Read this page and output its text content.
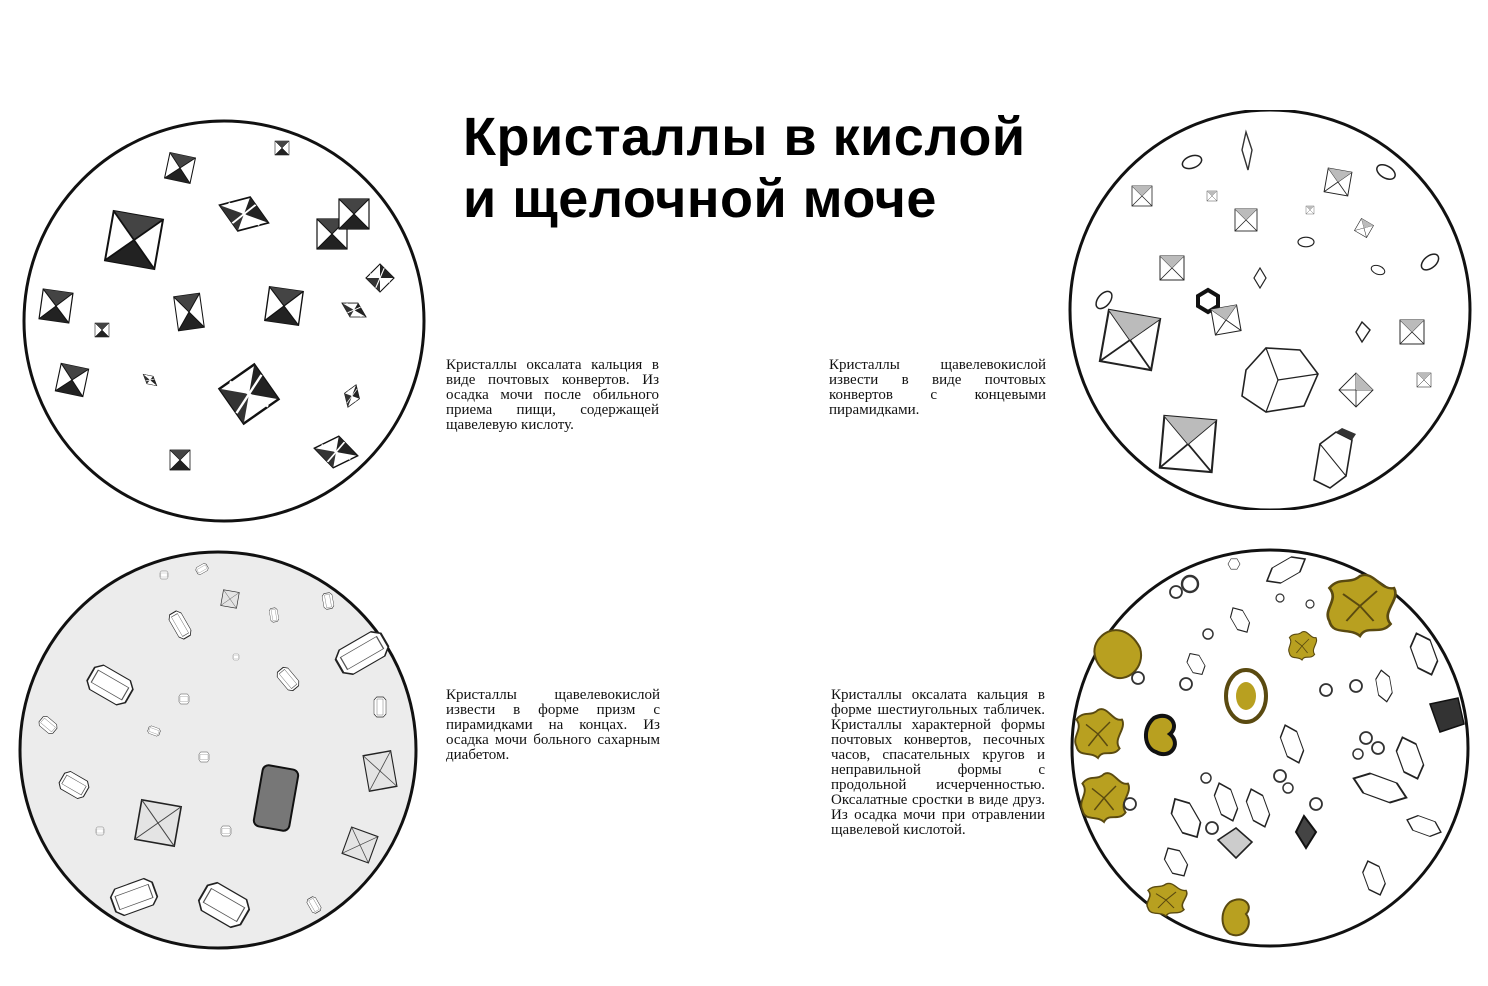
Кристаллы в кислой
и щелочной моче
Кристаллы оксалата кальция в виде почтовых конвертов. Из осадка мочи после обильного приема пищи, содержащей щавелевую кислоту.
Кристаллы щавелевокислой извести в виде почтовых конвертов с концевыми пирамидками.
Кристаллы щавелевокислой извести в форме призм с пирамидками на концах. Из осадка мочи больного сахарным диабетом.
Кристаллы оксалата кальция в форме шестиугольных табличек. Кристаллы характерной формы почтовых конвертов, песочных часов, спасательных кругов и неправильной формы с продольной исчерченностью. Оксалатные сростки в виде друз. Из осадка мочи при отравлении щавелевой кислотой.
